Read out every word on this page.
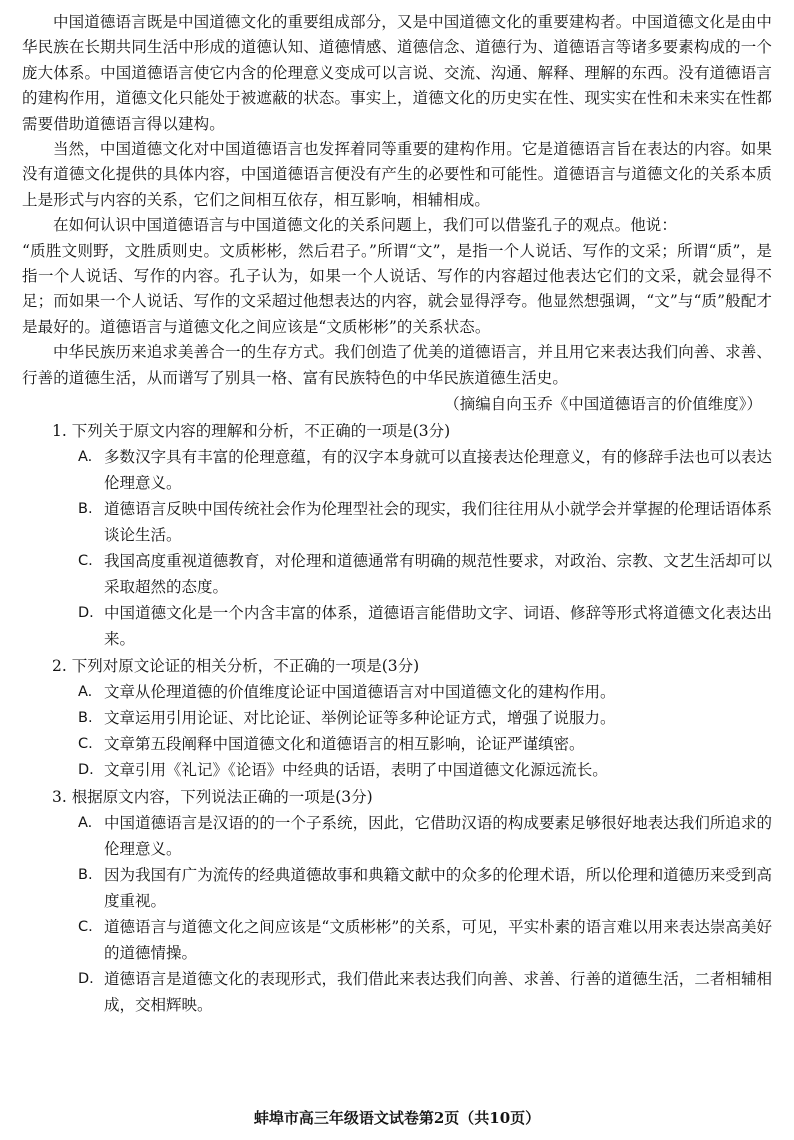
中国道德语言既是中国道德文化的重要组成部分，又是中国道德文化的重要建构者。中国道德文化是由中华民族在长期共同生活中形成的道德认知、道德情感、道德信念、道德行为、道德语言等诸多要素构成的一个庞大体系。中国道德语言使它内含的伦理意义变成可以言说、交流、沟通、解释、理解的东西。没有道德语言的建构作用，道德文化只能处于被遮蔽的状态。事实上，道德文化的历史实在性、现实实在性和未来实在性都需要借助道德语言得以建构。

当然，中国道德文化对中国道德语言也发挥着同等重要的建构作用。它是道德语言旨在表达的内容。如果没有道德文化提供的具体内容，中国道德语言便没有产生的必要性和可能性。道德语言与道德文化的关系本质上是形式与内容的关系，它们之间相互依存，相互影响，相辅相成。

在如何认识中国道德语言与中国道德文化的关系问题上，我们可以借鉴孔子的观点。他说：

“质胜文则野，文胜质则史。文质彬彬，然后君子。”所谓“文”，是指一个人说话、写作的文采；所谓“质”，是指一个人说话、写作的内容。孔子认为，如果一个人说话、写作的内容超过他表达它们的文采，就会显得不足；而如果一个人说话、写作的文采超过他想表达的内容，就会显得浮夸。他显然想强调，“文”与“质”般配才是最好的。道德语言与道德文化之间应该是“文质彬彬”的关系状态。

中华民族历来追求美善合一的生存方式。我们创造了优美的道德语言，并且用它来表达我们向善、求善、行善的道德生活，从而谱写了别具一格、富有民族特色的中华民族道德生活史。

（摘编自向玉乔《中国道德语言的价值维度》）

1. 下列关于原文内容的理解和分析，不正确的一项是(3分)

A. 多数汉字具有丰富的伦理意蕴，有的汉字本身就可以直接表达伦理意义，有的修辞手法也可以表达伦理意义。
B. 道德语言反映中国传统社会作为伦理型社会的现实，我们往往用从小就学会并掌握的伦理话语体系谈论生活。
C. 我国高度重视道德教育，对伦理和道德通常有明确的规范性要求，对政治、宗教、文艺生活却可以采取超然的态度。
D. 中国道德文化是一个内含丰富的体系，道德语言能借助文字、词语、修辞等形式将道德文化表达出来。

2. 下列对原文论证的相关分析，不正确的一项是(3分)

A. 文章从伦理道德的价值维度论证中国道德语言对中国道德文化的建构作用。
B. 文章运用引用论证、对比论证、举例论证等多种论证方式，增强了说服力。
C. 文章第五段阐释中国道德文化和道德语言的相互影响，论证严谨缜密。
D. 文章引用《礼记》《论语》中经典的话语，表明了中国道德文化源远流长。

3. 根据原文内容，下列说法正确的一项是(3分)

A. 中国道德语言是汉语的的一个子系统，因此，它借助汉语的构成要素足够很好地表达我们所追求的伦理意义。
B. 因为我国有广为流传的经典道德故事和典籍文献中的众多的伦理术语，所以伦理和道德历来受到高度重视。
C. 道德语言与道德文化之间应该是“文质彬彬”的关系，可见，平实朴素的语言难以用来表达崇高美好的道德情操。
D. 道德语言是道德文化的表现形式，我们借此来表达我们向善、求善、行善的道德生活，二者相辅相成，交相辉映。
蚌埠市高三年级语文试卷第2页（共10页）
